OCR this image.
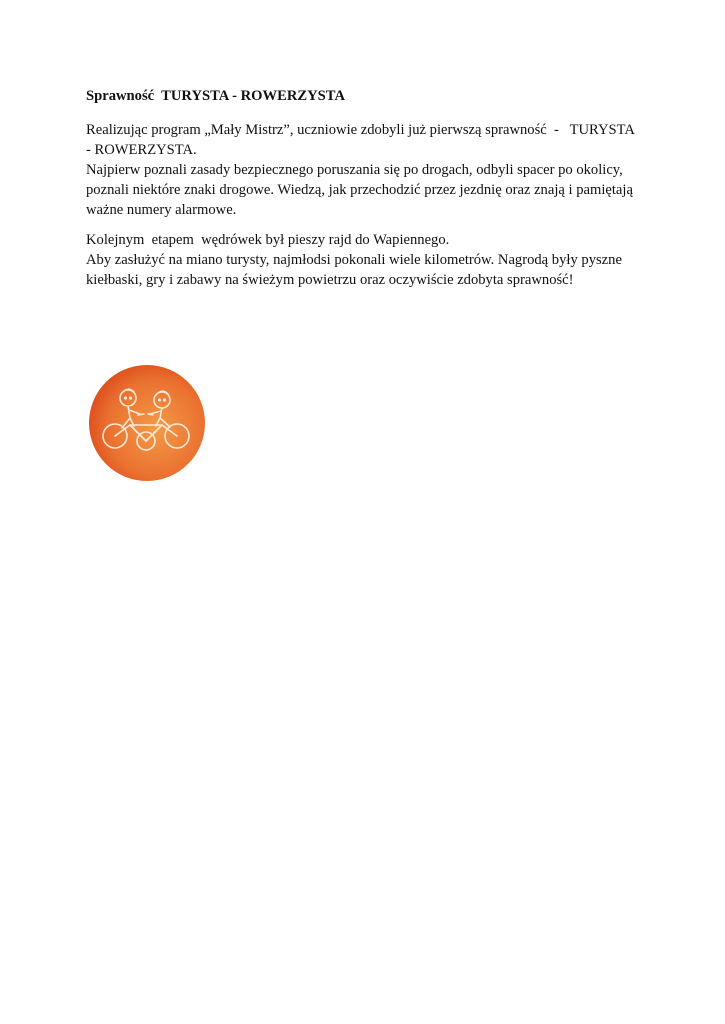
Sprawność  TURYSTA - ROWERZYSTA

Realizując program „Mały Mistrz”, uczniowie zdobyli już pierwszą sprawność  -   TURYSTA
- ROWERZYSTA.
Najpierw poznali zasady bezpiecznego poruszania się po drogach, odbyli spacer po okolicy,
poznali niektóre znaki drogowe. Wiedzą, jak przechodzić przez jezdnię oraz znają i pamiętają
ważne numery alarmowe.

Kolejnym  etapem  wędrówek był pieszy rajd do Wapiennego.
Aby zasłużyć na miano turysty, najmłodsi pokonali wiele kilometrów. Nagrodą były pyszne
kiełbaski, gry i zabawy na świeżym powietrzu oraz oczywiście zdobyta sprawność!
